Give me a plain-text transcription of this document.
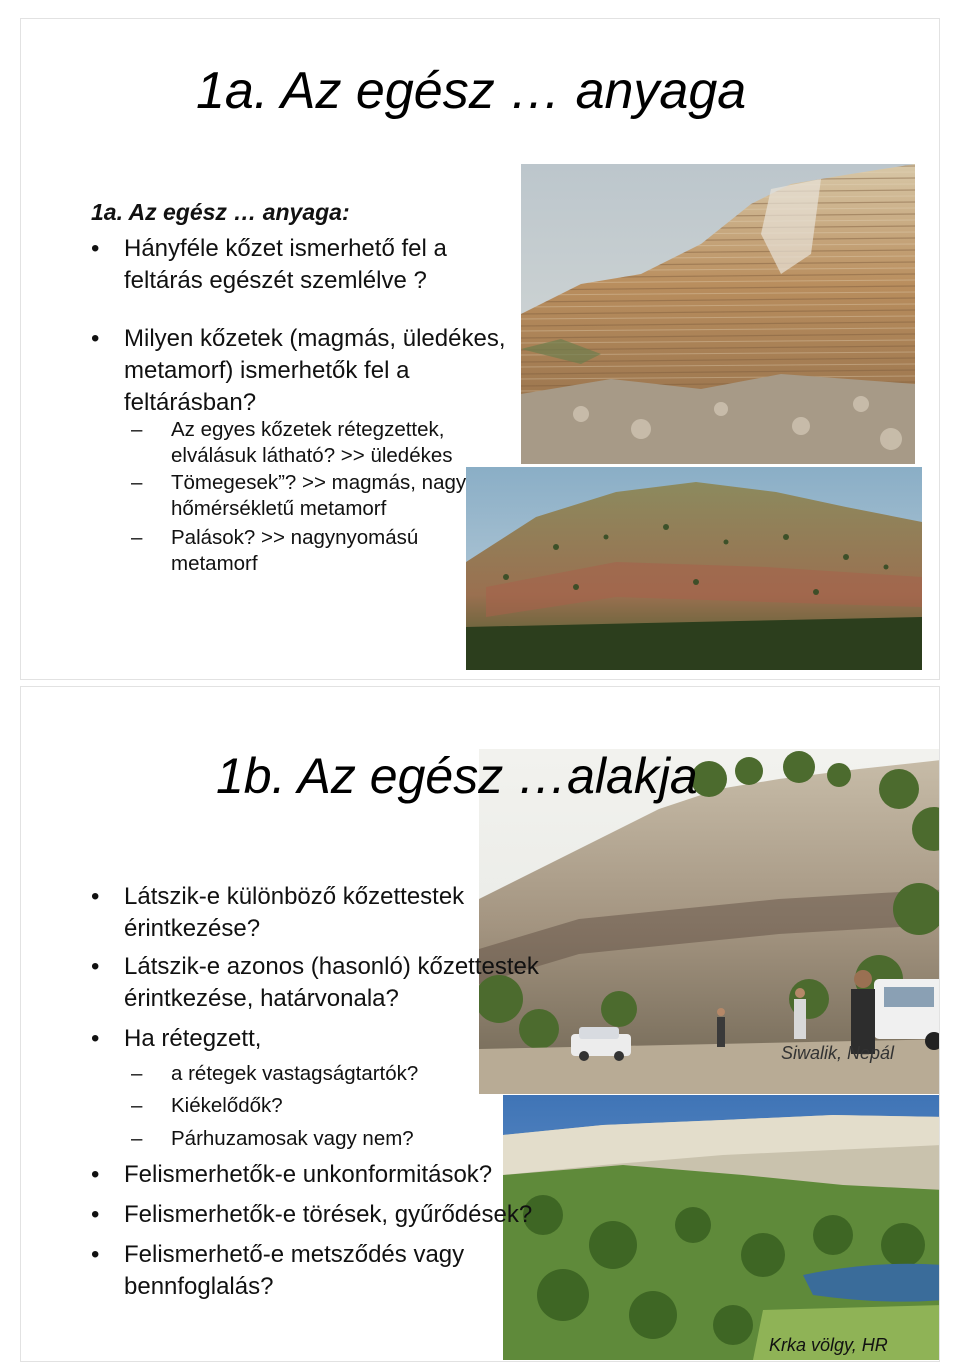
1a. Az egész … anyaga
1a. Az egész … anyaga:
• Hányféle kőzet ismerhető fel a feltárás egészét szemlélve ?
• Milyen kőzetek (magmás, üledékes, metamorf) ismerhetők fel a feltárásban?
– Az egyes kőzetek rétegzettek, elválásuk látható? >> üledékes
– Tömegesek”? >> magmás, nagy hőmérsékletű metamorf
– Palások? >> nagynyomású metamorf
1b. Az egész …alakja
• Látszik-e különböző kőzettestek érintkezése?
• Látszik-e azonos (hasonló) kőzettestek érintkezése, határvonala?
• Ha rétegzett,
– a rétegek vastagságtartók?
– Kiékelődők?
– Párhuzamosak vagy nem?
• Felismerhetők-e unkonformitások?
• Felismerhetők-e törések, gyűrődések?
• Felismerhető-e metsződés vagy bennfoglalás?
Siwalik, Nepál
Krka völgy, HR
